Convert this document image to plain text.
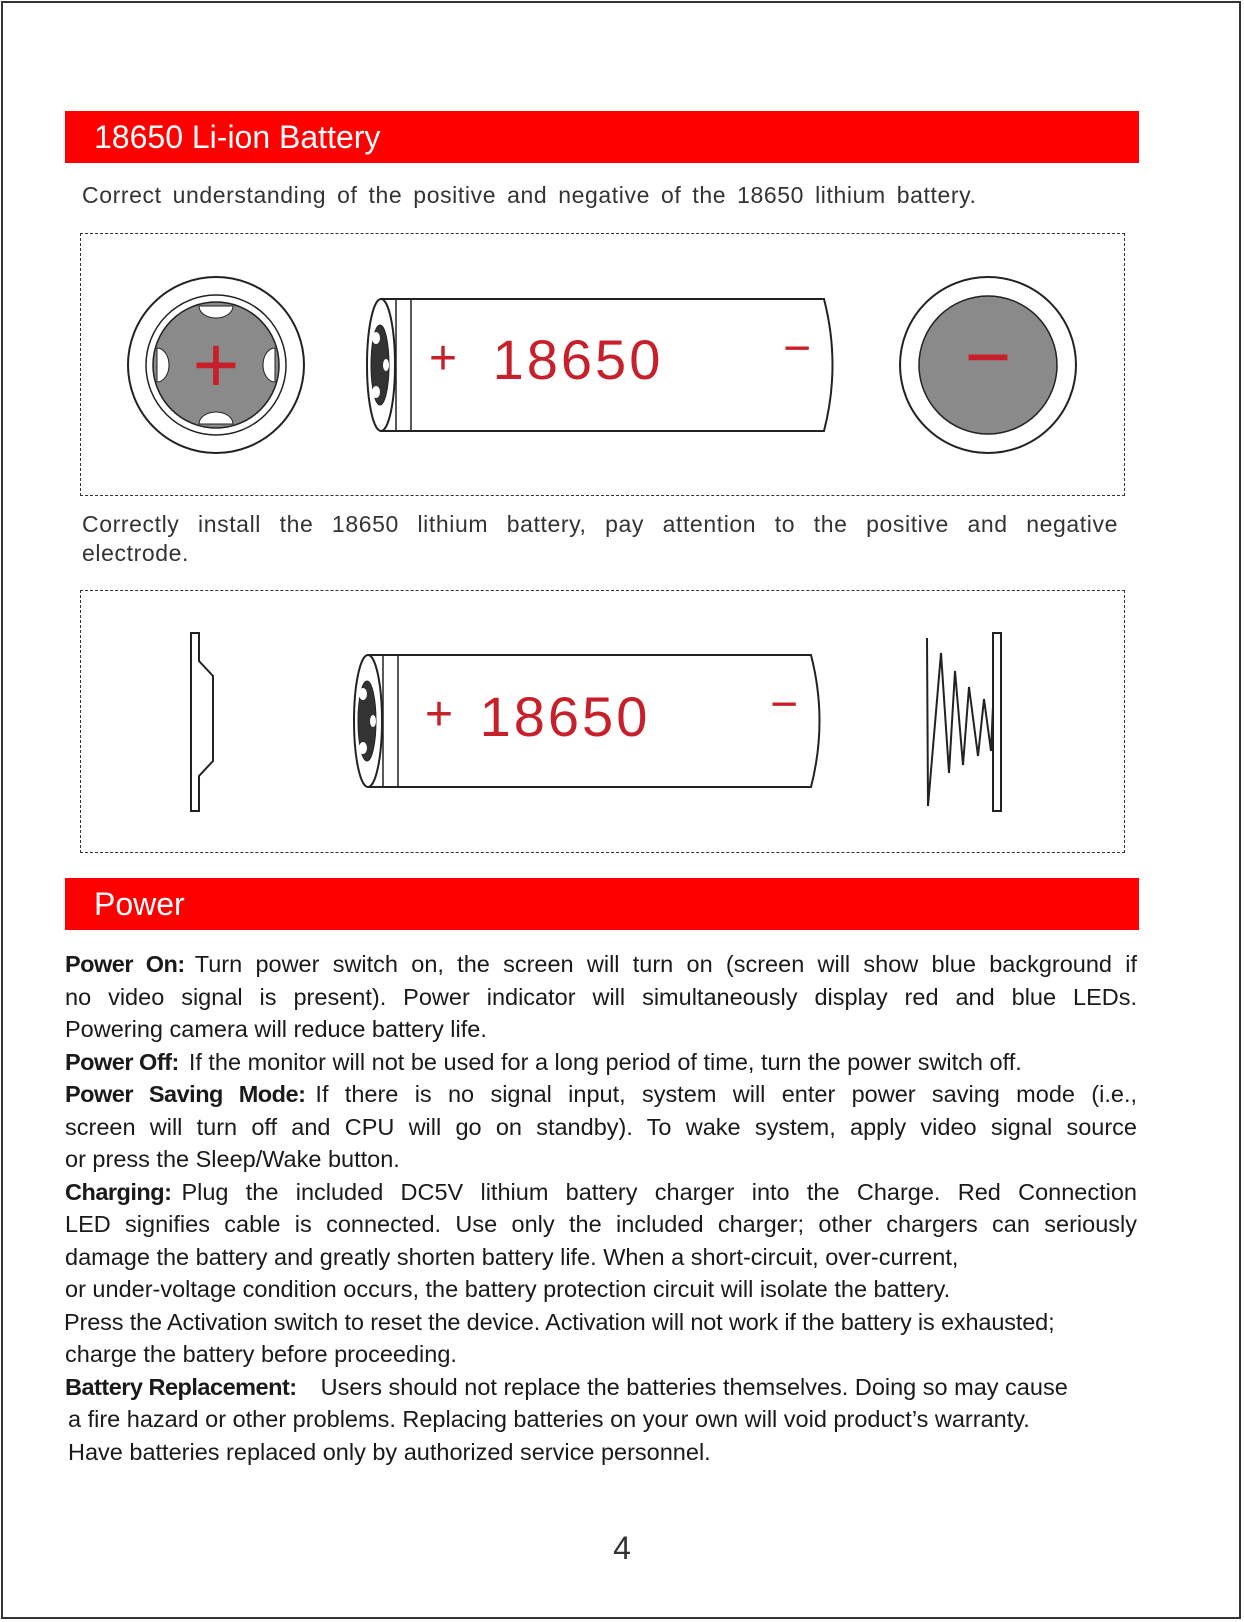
18650 Li-ion Battery
Correct understanding of the positive and negative of the 18650 lithium battery.
+	+ 18650 − −
Correctly install the 18650 lithium battery, pay attention to the positive and negative electrode.
+ 18650 −
Power
Power On: Turn power switch on, the screen will turn on (screen will show blue background if
no video signal is present). Power indicator will simultaneously display red and blue LEDs.
Powering camera will reduce battery life.
Power Off: If the monitor will not be used for a long period of time, turn the power switch off.
Power Saving Mode: If there is no signal input, system will enter power saving mode (i.e.,
screen will turn off and CPU will go on standby). To wake system, apply video signal source
or press the Sleep/Wake button.
Charging: Plug the included DC5V lithium battery charger into the Charge. Red Connection
LED signifies cable is connected. Use only the included charger; other chargers can seriously
damage the battery and greatly shorten battery life. When a short-circuit, over-current,
or under-voltage condition occurs, the battery protection circuit will isolate the battery.
Press the Activation switch to reset the device. Activation will not work if the battery is exhausted;
charge the battery before proceeding.
Battery Replacement: Users should not replace the batteries themselves. Doing so may cause
a fire hazard or other problems. Replacing batteries on your own will void product’s warranty.
Have batteries replaced only by authorized service personnel.
4
